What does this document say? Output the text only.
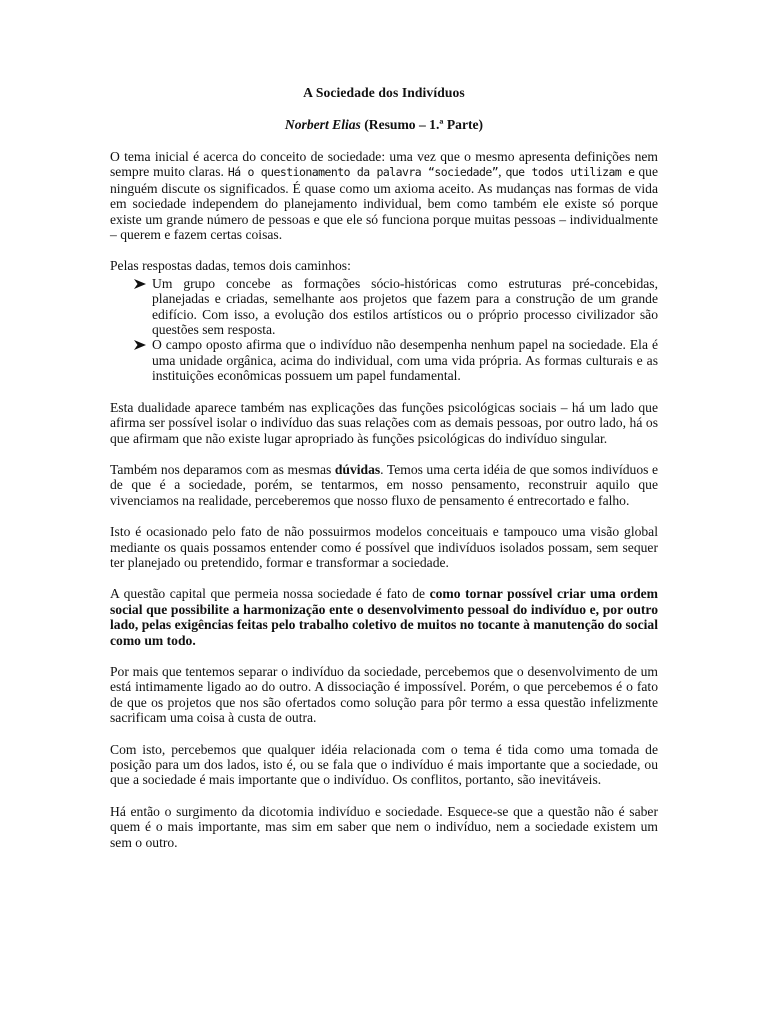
A Sociedade dos Indivíduos
Norbert Elias (Resumo – 1.ª Parte)

O tema inicial é acerca do conceito de sociedade: uma vez que o mesmo apresenta definições nem sempre muito claras. Há o questionamento da palavra “sociedade”, que todos utilizam e que ninguém discute os significados. É quase como um axioma aceito. As mudanças nas formas de vida em sociedade independem do planejamento individual, bem como também ele existe só porque existe um grande número de pessoas e que ele só funciona porque muitas pessoas – individualmente – querem e fazem certas coisas.

Pelas respostas dadas, temos dois caminhos:

Um grupo concebe as formações sócio-históricas como estruturas pré-concebidas, planejadas e criadas, semelhante aos projetos que fazem para a construção de um grande edifício. Com isso, a evolução dos estilos artísticos ou o próprio processo civilizador são questões sem resposta.
O campo oposto afirma que o indivíduo não desempenha nenhum papel na sociedade. Ela é uma unidade orgânica, acima do individual, com uma vida própria. As formas culturais e as instituições econômicas possuem um papel fundamental.

Esta dualidade aparece também nas explicações das funções psicológicas sociais – há um lado que afirma ser possível isolar o indivíduo das suas relações com as demais pessoas, por outro lado, há os que afirmam que não existe lugar apropriado às funções psicológicas do indivíduo singular.

Também nos deparamos com as mesmas dúvidas. Temos uma certa idéia de que somos indivíduos e de que é a sociedade, porém, se tentarmos, em nosso pensamento, reconstruir aquilo que vivenciamos na realidade, perceberemos que nosso fluxo de pensamento é entrecortado e falho.

Isto é ocasionado pelo fato de não possuirmos modelos conceituais e tampouco uma visão global mediante os quais possamos entender como é possível que indivíduos isolados possam, sem sequer ter planejado ou pretendido, formar e transformar a sociedade.

A questão capital que permeia nossa sociedade é fato de como tornar possível criar uma ordem social que possibilite a harmonização ente o desenvolvimento pessoal do indivíduo e, por outro lado, pelas exigências feitas pelo trabalho coletivo de muitos no tocante à manutenção do social como um todo.

Por mais que tentemos separar o indivíduo da sociedade, percebemos que o desenvolvimento de um está intimamente ligado ao do outro. A dissociação é impossível. Porém, o que percebemos é o fato de que os projetos que nos são ofertados como solução para pôr termo a essa questão infelizmente sacrificam uma coisa à custa de outra.

Com isto, percebemos que qualquer idéia relacionada com o tema é tida como uma tomada de posição para um dos lados, isto é, ou se fala que o indivíduo é mais importante que a sociedade, ou que a sociedade é mais importante que o indivíduo. Os conflitos, portanto, são inevitáveis.

Há então o surgimento da dicotomia indivíduo e sociedade. Esquece-se que a questão não é saber quem é o mais importante, mas sim em saber que nem o indivíduo, nem a sociedade existem um sem o outro.
